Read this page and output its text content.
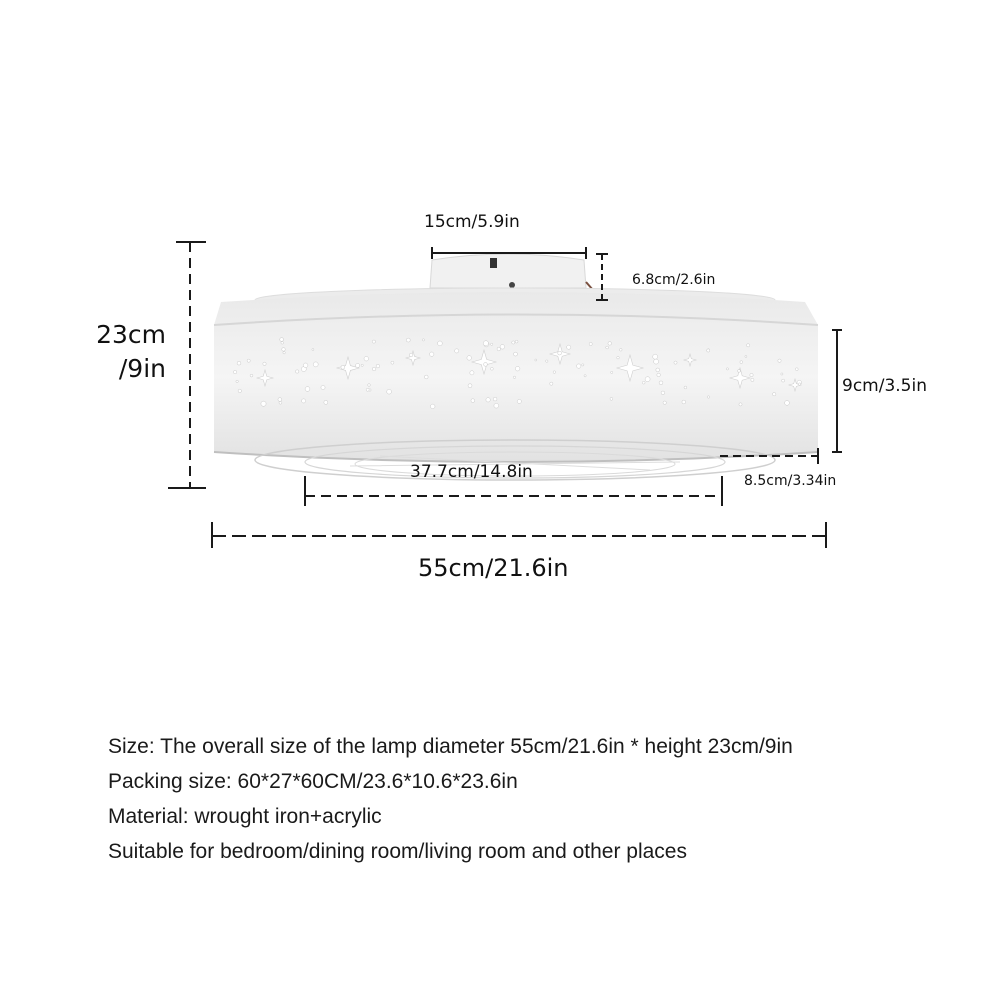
23cm
/9in
15cm/5.9in
6.8cm/2.6in
9cm/3.5in
37.7cm/14.8in	8.5cm/3.34in
55cm/21.6in
Size: The overall size of the lamp diameter 55cm/21.6in * height 23cm/9in
Packing size: 60*27*60CM/23.6*10.6*23.6in
Material: wrought iron+acrylic
Suitable for bedroom/dining room/living room and other places
